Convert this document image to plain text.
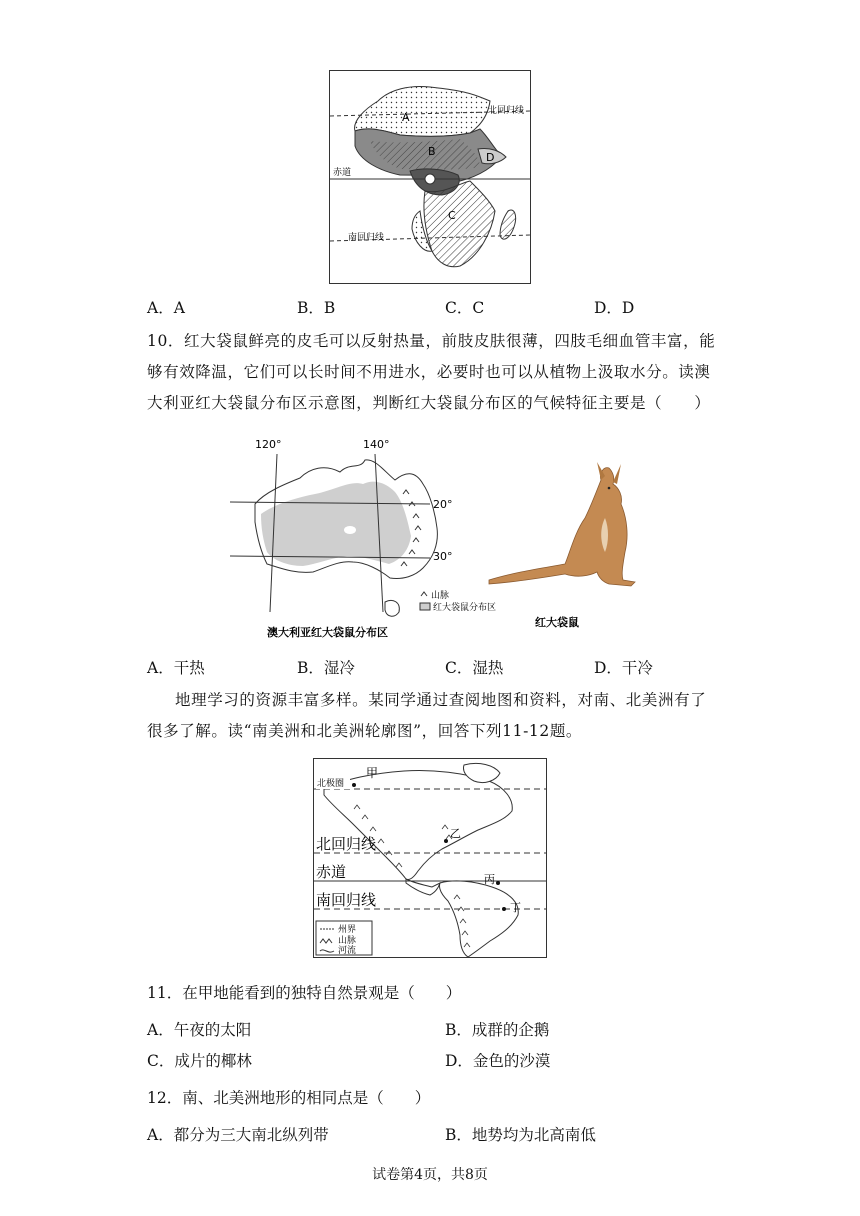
北回归线
赤道
南回归线
A
B
C
D
A．A	B．B	C．C	D．D
10．红大袋鼠鲜亮的皮毛可以反射热量，前肢皮肤很薄，四肢毛细血管丰富，能够有效降温，它们可以长时间不用进水，必要时也可以从植物上汲取水分。读澳大利亚红大袋鼠分布区示意图，判断红大袋鼠分布区的气候特征主要是（　　）
120°	140°
20°
30°
山脉
红大袋鼠分布区
澳大利亚红大袋鼠分布区
红大袋鼠
A．干热	B．湿冷	C．湿热	D．干冷
地理学习的资源丰富多样。某同学通过查阅地图和资料，对南、北美洲有了很多了解。读“南美洲和北美洲轮廓图”，回答下列11-12题。
北极圈
甲
乙
北回归线
赤道	丙
南回归线	丁
州界
山脉
河流
11．在甲地能看到的独特自然景观是（　　）
A．午夜的太阳	B．成群的企鹅
C．成片的椰林	D．金色的沙漠
12．南、北美洲地形的相同点是（　　）
A．都分为三大南北纵列带	B．地势均为北高南低
试卷第4页，共8页
